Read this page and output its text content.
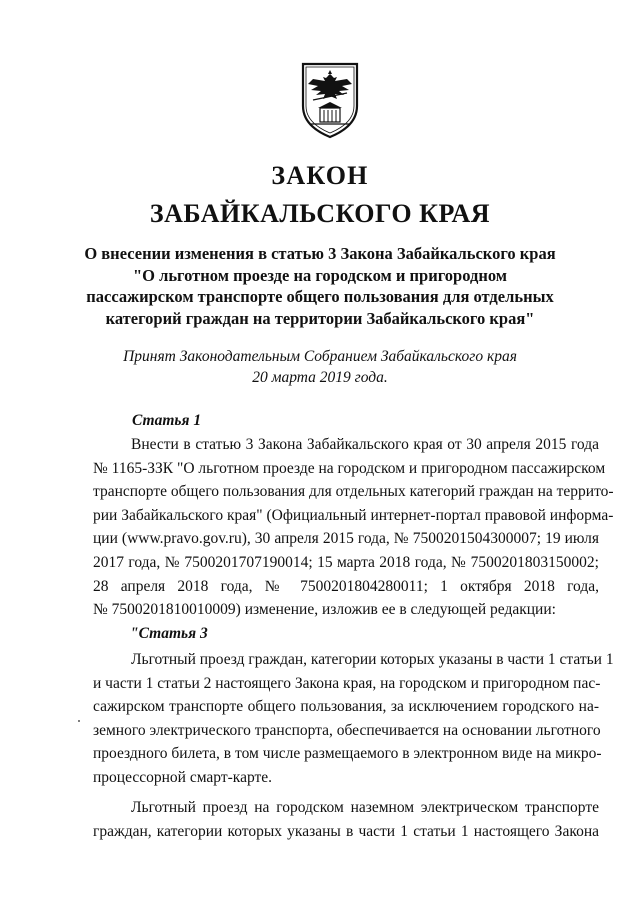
ЗАКОН
ЗАБАЙКАЛЬСКОГО КРАЯ
О внесении изменения в статью 3 Закона Забайкальского края
"О льготном проезде на городском и пригородном
пассажирском транспорте общего пользования для отдельных
категорий граждан на территории Забайкальского края"
Принят Законодательным Собранием Забайкальского края
20 марта 2019 года.
Статья 1
Внести в статью 3 Закона Забайкальского края от 30 апреля 2015 года
№ 1165-ЗЗК "О льготном проезде на городском и пригородном пассажирском
транспорте общего пользования для отдельных категорий граждан на террито-
рии Забайкальского края" (Официальный интернет-портал правовой информа-
ции (www.pravo.gov.ru), 30 апреля 2015 года, № 7500201504300007; 19 июля
2017 года, № 7500201707190014; 15 марта 2018 года, № 7500201803150002;
28 апреля 2018 года, № 7500201804280011; 1 октября 2018 года,
№ 7500201810010009) изменение, изложив ее в следующей редакции:
"Статья 3
Льготный проезд граждан, категории которых указаны в части 1 статьи 1
и части 1 статьи 2 настоящего Закона края, на городском и пригородном пас-
сажирском транспорте общего пользования, за исключением городского на-
земного электрического транспорта, обеспечивается на основании льготного
проездного билета, в том числе размещаемого в электронном виде на микро-
процессорной смарт-карте.
Льготный проезд на городском наземном электрическом транспорте
граждан, категории которых указаны в части 1 статьи 1 настоящего Закона
